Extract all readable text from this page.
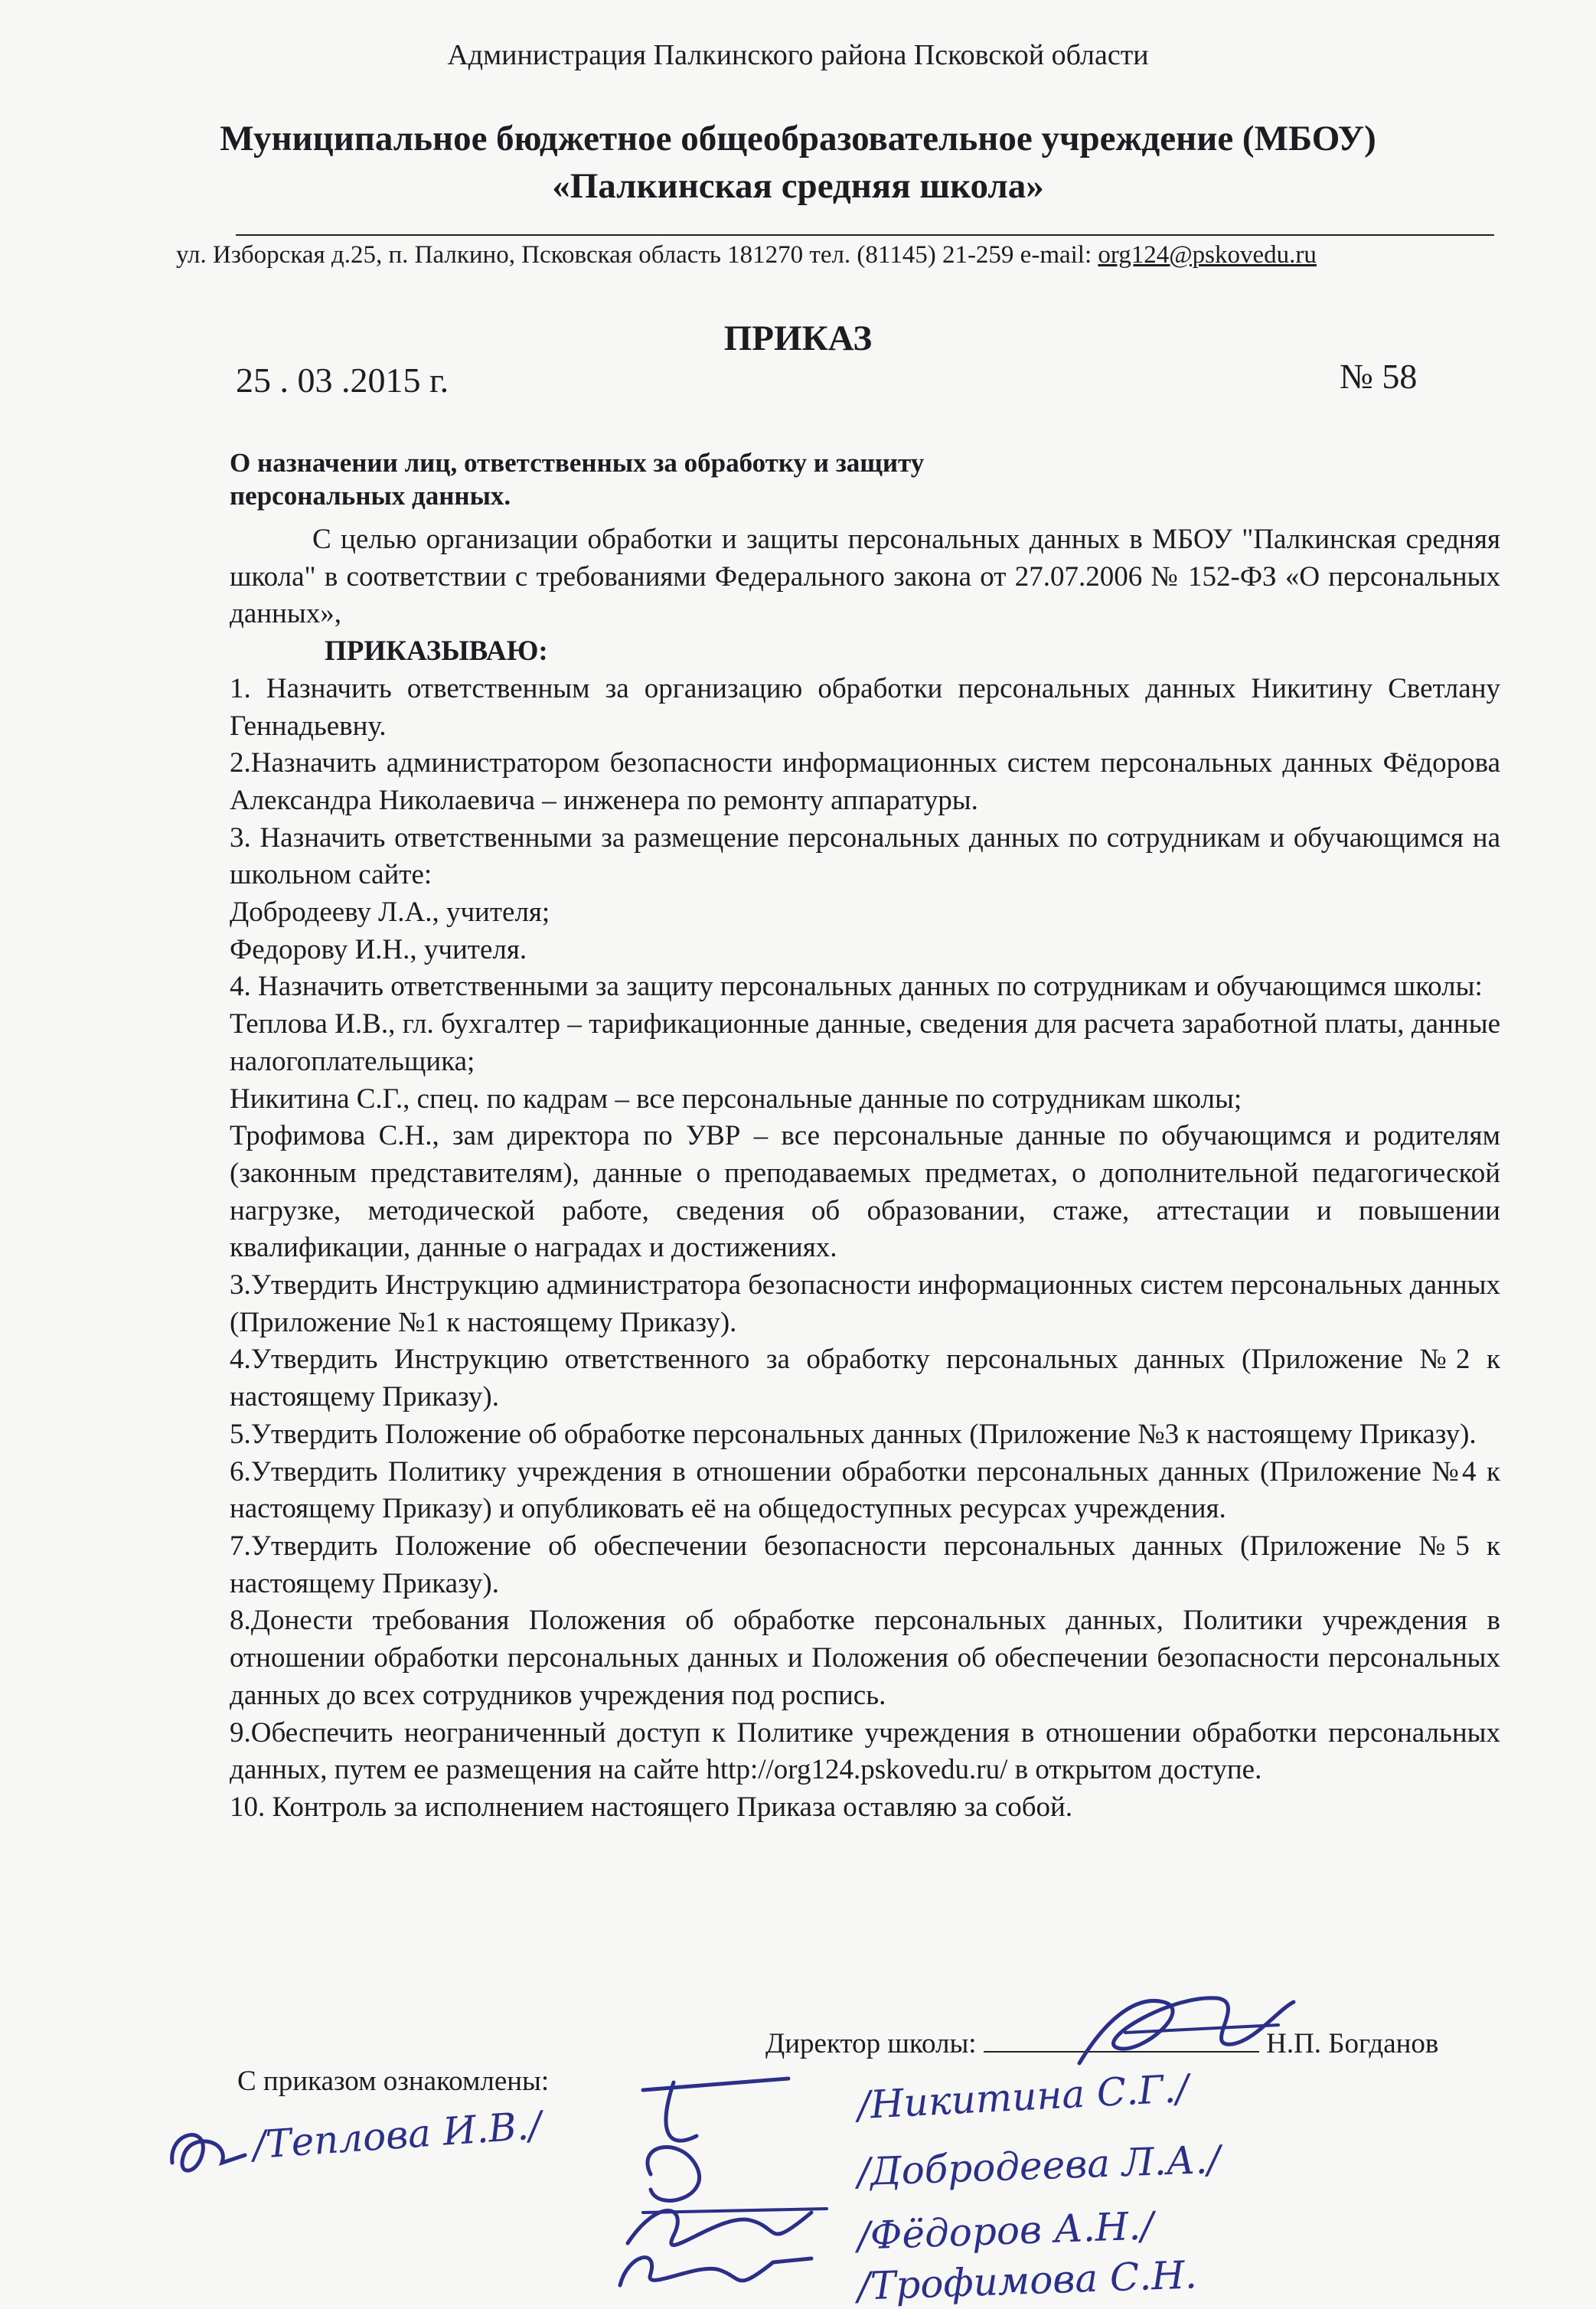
Администрация Палкинского района Псковской области
Муниципальное бюджетное общеобразовательное учреждение (МБОУ)
«Палкинская средняя школа»
ул. Изборская д.25, п. Палкино, Псковская область 181270 тел. (81145) 21-259 e-mail: org124@pskovedu.ru
ПРИКАЗ
25 . 03 .2015 г.	№ 58
О назначении лиц, ответственных за обработку и защиту
персональных данных.

С целью организации обработки и защиты персональных данных в МБОУ "Палкинская средняя школа" в соответствии с требованиями Федерального закона от 27.07.2006 № 152-ФЗ «О персональных данных»,

ПРИКАЗЫВАЮ:

1. Назначить ответственным за организацию обработки персональных данных Никитину Светлану Геннадьевну.

2.Назначить администратором безопасности информационных систем персональных данных Фёдорова Александра Николаевича – инженера по ремонту аппаратуры.

3. Назначить ответственными за размещение персональных данных по сотрудникам и обучающимся на школьном сайте:

Добродееву Л.А., учителя;

Федорову И.Н., учителя.

4. Назначить ответственными за защиту персональных данных по сотрудникам и обучающимся школы:

Теплова И.В., гл. бухгалтер – тарификационные данные, сведения для расчета заработной платы, данные налогоплательщика;

Никитина С.Г., спец. по кадрам – все персональные данные по сотрудникам школы;

Трофимова С.Н., зам директора по УВР – все персональные данные по обучающимся и родителям (законным представителям), данные о преподаваемых предметах, о дополнительной педагогической нагрузке, методической работе, сведения об образовании, стаже, аттестации и повышении квалификации, данные о наградах и достижениях.

3.Утвердить Инструкцию администратора безопасности информационных систем персональных данных (Приложение №1 к настоящему Приказу).

4.Утвердить Инструкцию ответственного за обработку персональных данных (Приложение №2 к настоящему Приказу).

5.Утвердить Положение об обработке персональных данных (Приложение №3 к настоящему Приказу).

6.Утвердить Политику учреждения в отношении обработки персональных данных (Приложение №4 к настоящему Приказу) и опубликовать её на общедоступных ресурсах учреждения.

7.Утвердить Положение об обеспечении безопасности персональных данных (Приложение №5 к настоящему Приказу).

8.Донести требования Положения об обработке персональных данных, Политики учреждения в отношении обработки персональных данных и Положения об обеспечении безопасности персональных данных до всех сотрудников учреждения под роспись.

9.Обеспечить неограниченный доступ к Политике учреждения в отношении обработки персональных данных, путем ее размещения на сайте http://org124.pskovedu.ru/ в открытом доступе.

10. Контроль за исполнением настоящего Приказа оставляю за собой.

Директор школы:	Н.П. Богданов
С приказом ознакомлены:
/Теплова И.В./
/Никитина С.Г./
/Добродеева Л.А./
/Фёдоров А.Н./
/Трофимова С.Н.
